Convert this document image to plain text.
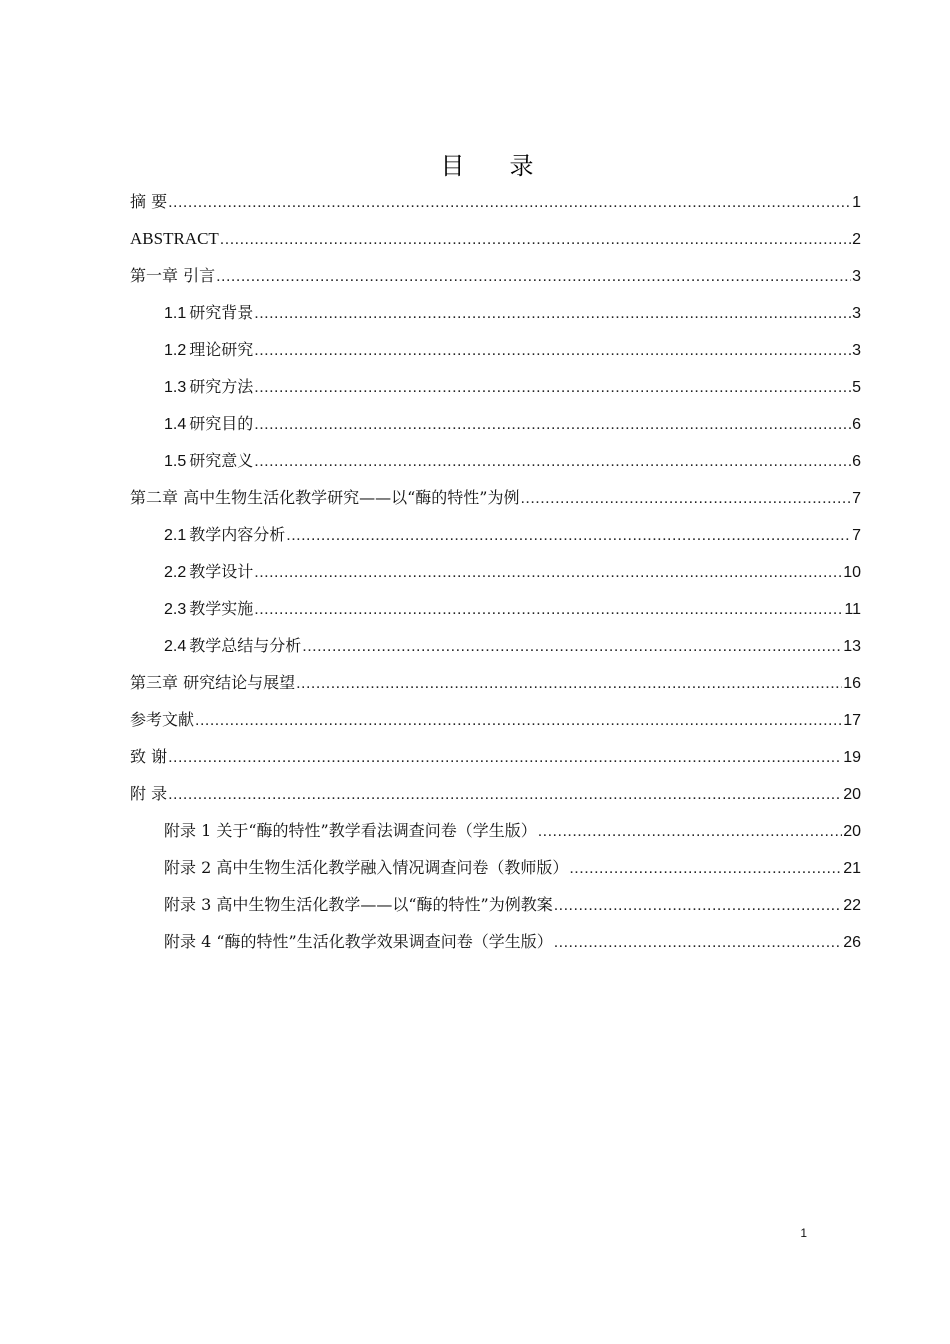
目 录
摘 要 .....	1
ABSTRACT .....	2
第一章 引言 .....	3
1.1 研究背景 .....	3
1.2 理论研究 .....	3
1.3 研究方法 .....	5
1.4 研究目的 .....	6
1.5 研究意义 .....	6
第二章 高中生物生活化教学研究——以“酶的特性”为例 .....	7
2.1 教学内容分析 .....	7
2.2 教学设计 .....	10
2.3 教学实施 .....	11
2.4 教学总结与分析 .....	13
第三章 研究结论与展望 .....	16
参考文献 .....	17
致 谢 .....	19
附 录 .....	20
附录 1 关于“酶的特性”教学看法调查问卷（学生版） .....	20
附录 2 高中生物生活化教学融入情况调查问卷（教师版） .....	21
附录 3 高中生物生活化教学——以“酶的特性”为例教案 .....	22
附录 4 “酶的特性”生活化教学效果调查问卷（学生版） .....	26
1
